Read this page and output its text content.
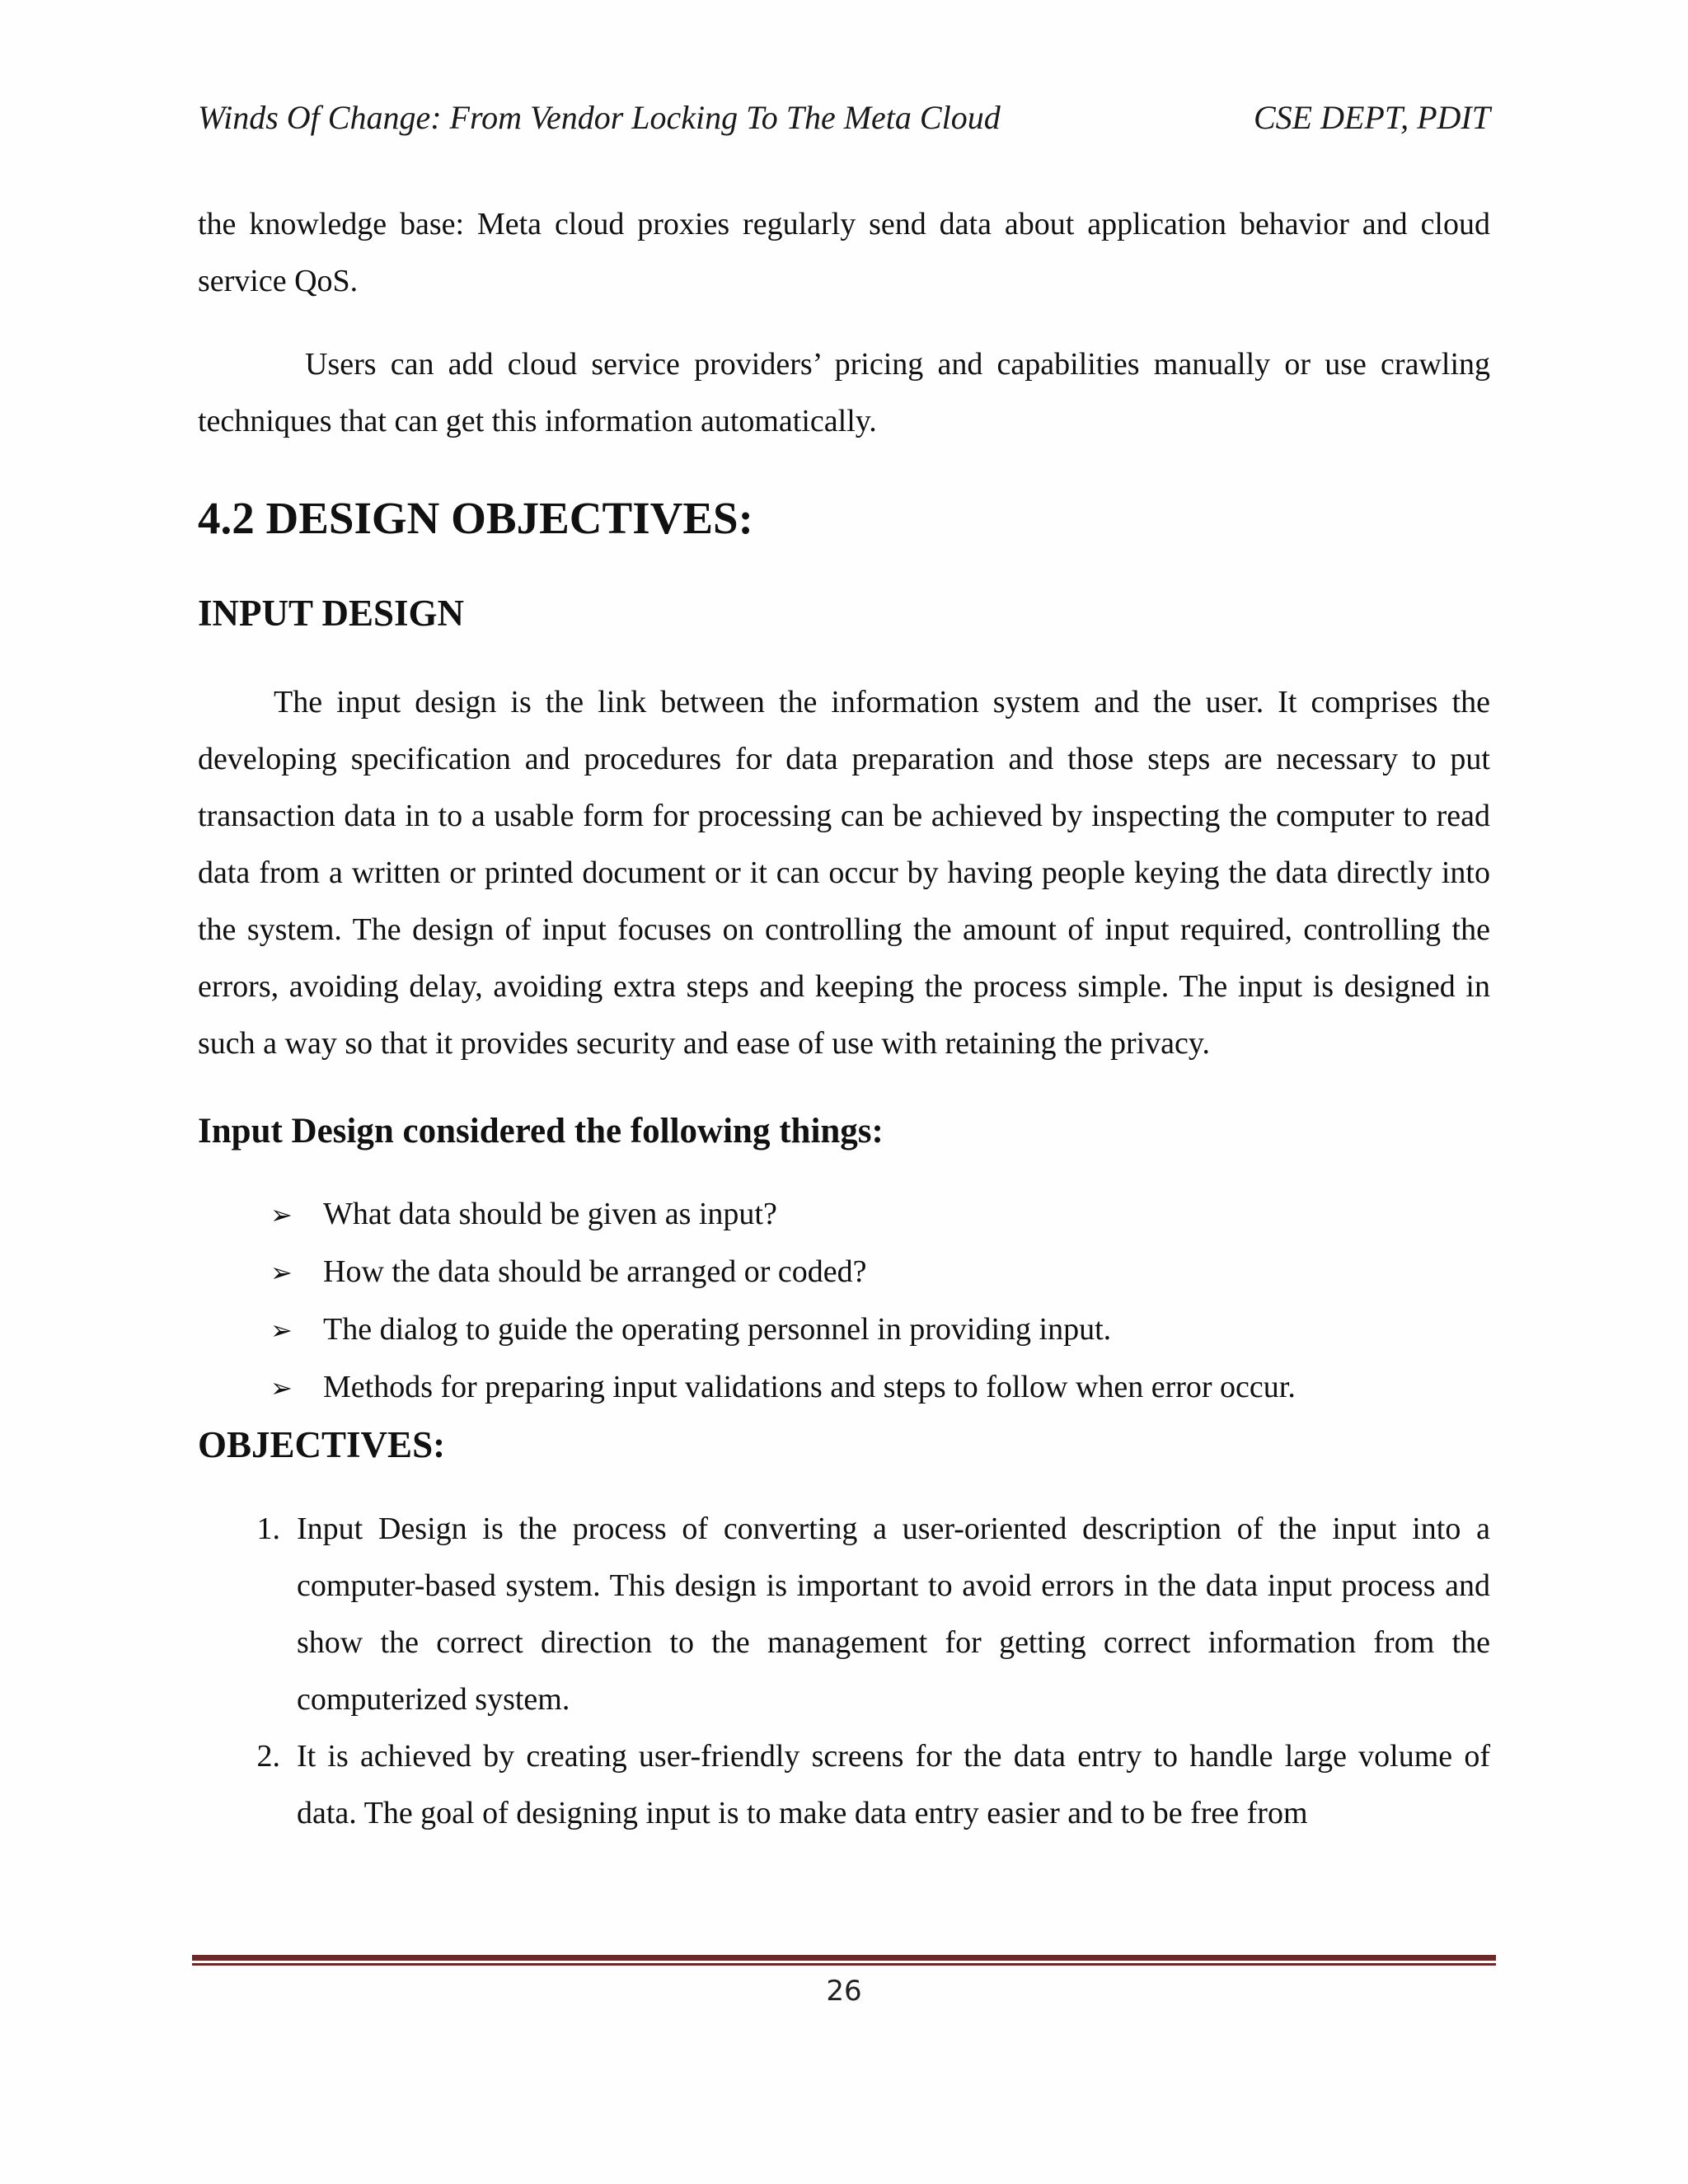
Winds Of Change: From Vendor Locking To The Meta Cloud	CSE DEPT, PDIT

the knowledge base: Meta cloud proxies regularly send data about application behavior and cloud service QoS.

Users can add cloud service providers’ pricing and capabilities manually or use crawling techniques that can get this information automatically.

4.2 DESIGN OBJECTIVES:
INPUT DESIGN

The input design is the link between the information system and the user. It comprises the developing specification and procedures for data preparation and those steps are necessary to put transaction data in to a usable form for processing can be achieved by inspecting the computer to read data from a written or printed document or it can occur by having people keying the data directly into the system. The design of input focuses on controlling the amount of input required, controlling the errors, avoiding delay, avoiding extra steps and keeping the process simple. The input is designed in such a way so that it provides security and ease of use with retaining the privacy.

Input Design considered the following things:
➢ What data should be given as input?
➢ How the data should be arranged or coded?
➢ The dialog to guide the operating personnel in providing input.
➢ Methods for preparing input validations and steps to follow when error occur.
OBJECTIVES:
1. Input Design is the process of converting a user-oriented description of the input into a computer-based system. This design is important to avoid errors in the data input process and show the correct direction to the management for getting correct information from the computerized system.
2. It is achieved by creating user-friendly screens for the data entry to handle large volume of data. The goal of designing input is to make data entry easier and to be free from
26
